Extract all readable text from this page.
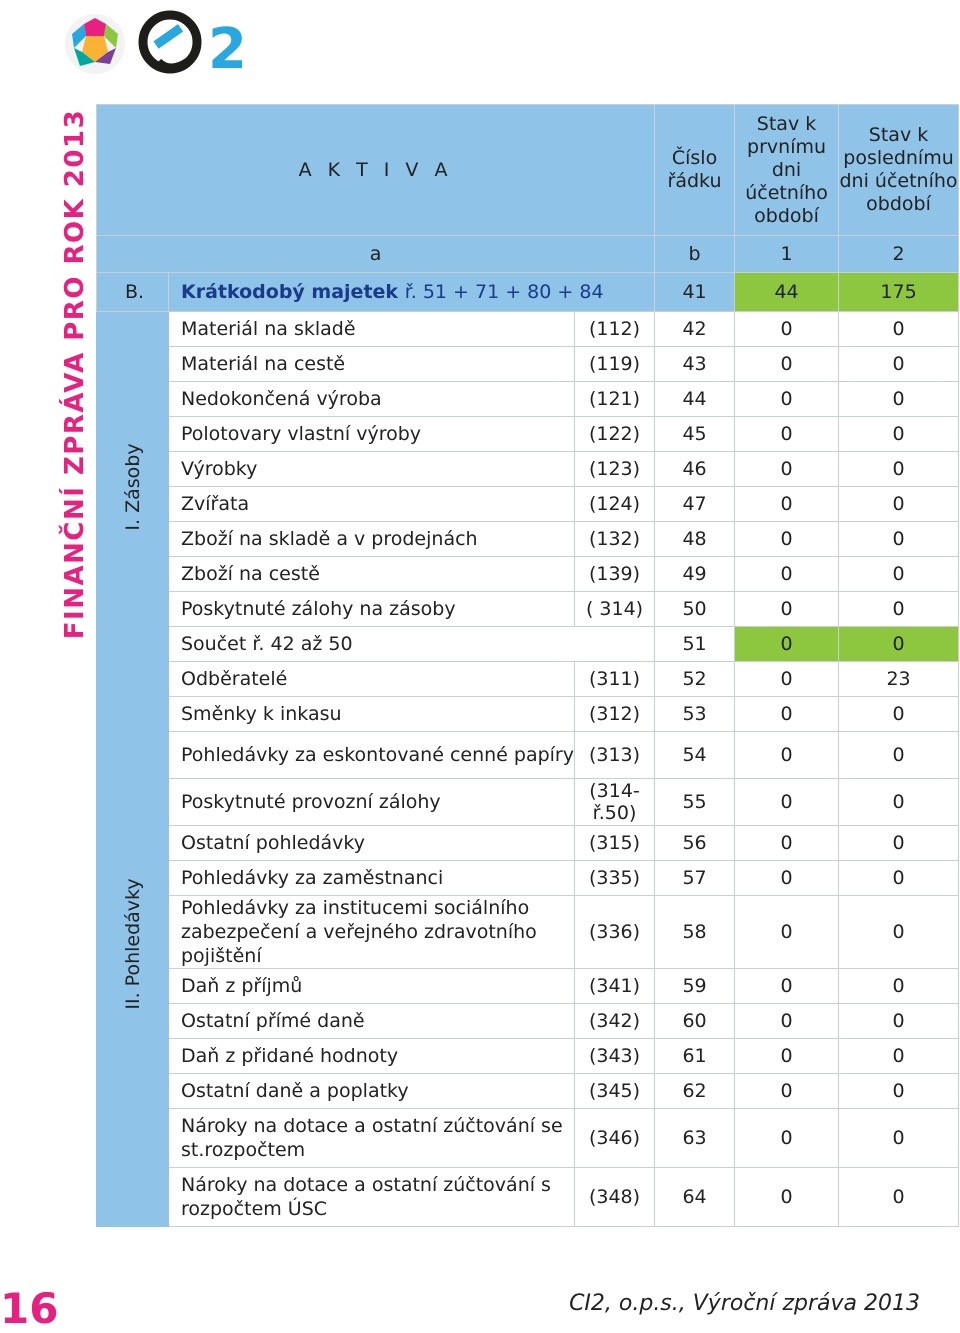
2
FINANČNÍ ZPRÁVA PRO ROK 2013	A K T I V A			Číslo řádku	Stav k prvnímu dni účetního období	Stav k poslednímu dni účetního období
a			b	1	2
B.	Krátkodobý majetek ř. 51 + 71 + 80 + 84		41	44	175

I. Zásoby	Materiál na skladě	(112)	42	0	0
	Materiál na cestě	(119)	43	0	0
	Nedokončená výroba	(121)	44	0	0
	Polotovary vlastní výroby	(122)	45	0	0
	Výrobky	(123)	46	0	0
	Zvířata	(124)	47	0	0
	Zboží na skladě a v prodejnách	(132)	48	0	0
	Zboží na cestě	(139)	49	0	0
	Poskytnuté zálohy na zásoby	( 314)	50	0	0
	Součet ř. 42 až 50		51	0	0

II. Pohledávky	Odběratelé	(311)	52	0	23
	Směnky k inkasu	(312)	53	0	0
	Pohledávky za eskontované cenné papíry	(313)	54	0	0
	Poskytnuté provozní zálohy	(314-ř.50)	55	0	0
	Ostatní pohledávky	(315)	56	0	0
	Pohledávky za zaměstnanci	(335)	57	0	0
	Pohledávky za institucemi sociálního zabezpečení a veřejného zdravotního pojištění	(336)	58	0	0
	Daň z příjmů	(341)	59	0	0
	Ostatní přímé daně	(342)	60	0	0
	Daň z přidané hodnoty	(343)	61	0	0
	Ostatní daně a poplatky	(345)	62	0	0
	Nároky na dotace a ostatní zúčtování se st.rozpočtem	(346)	63	0	0
	Nároky na dotace a ostatní zúčtování s rozpočtem ÚSC	(348)	64	0	0
16	CI2, o.p.s., Výroční zpráva 2013
